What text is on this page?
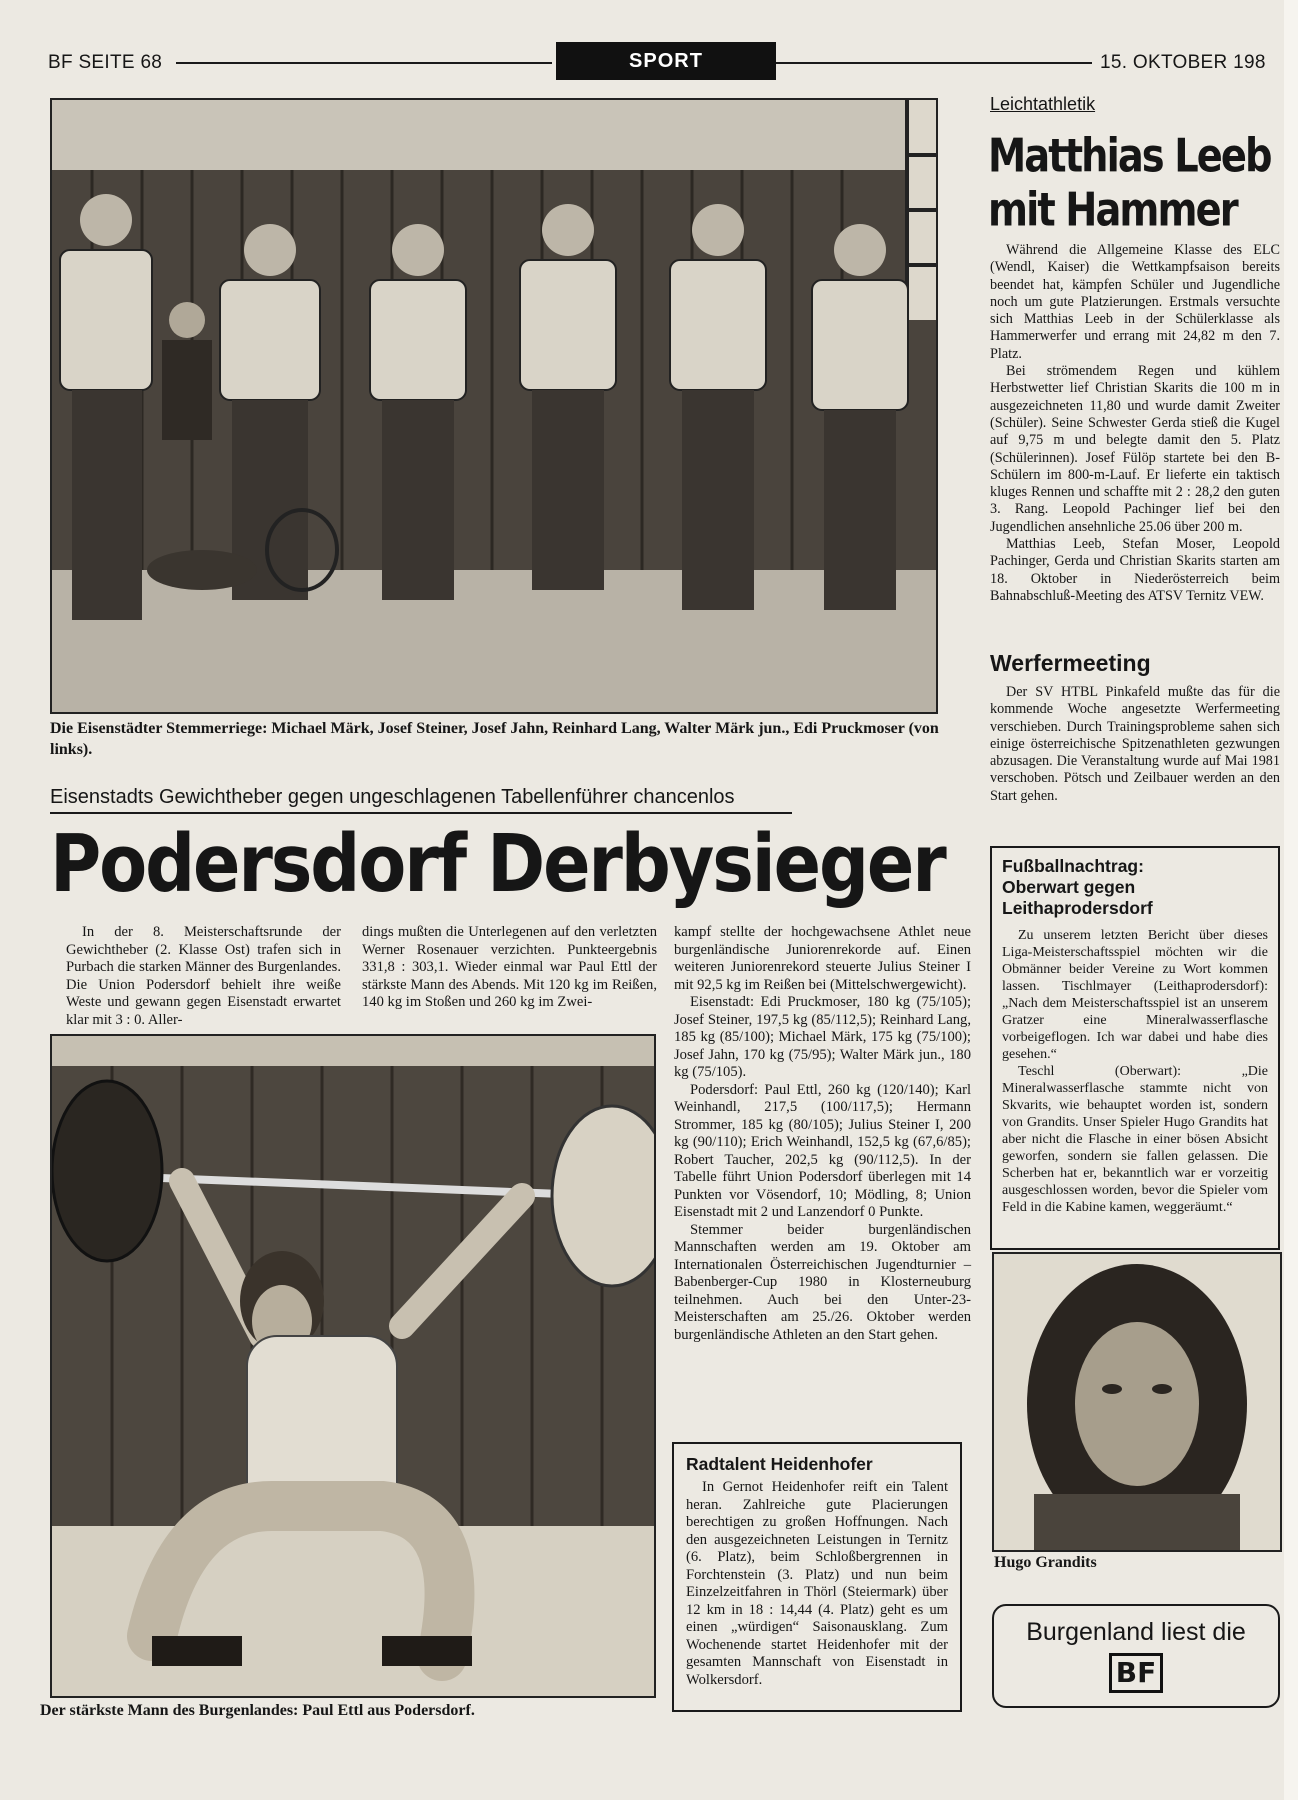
BF SEITE 68	SPORT	15. OKTOBER 198
Die Eisenstädter Stemmerriege: Michael Märk, Josef Steiner, Josef Jahn, Reinhard Lang, Walter Märk jun., Edi Pruckmoser (von links).
Eisenstadts Gewichtheber gegen ungeschlagenen Tabellenführer chancenlos
Podersdorf Derbysieger

In der 8. Meisterschaftsrunde der Gewichtheber (2. Klasse Ost) trafen sich in Purbach die starken Männer des Burgenlandes. Die Union Podersdorf behielt ihre weiße Weste und gewann gegen Eisenstadt erwartet klar mit 3 : 0. Aller-

dings mußten die Unterlegenen auf den verletzten Werner Rosenauer verzichten. Punkteergebnis 331,8 : 303,1. Wieder einmal war Paul Ettl der stärkste Mann des Abends. Mit 120 kg im Reißen, 140 kg im Stoßen und 260 kg im Zwei-

kampf stellte der hochgewachsene Athlet neue burgenländische Juniorenrekorde auf. Einen weiteren Juniorenrekord steuerte Julius Steiner I mit 92,5 kg im Reißen bei (Mittelschwergewicht).

Eisenstadt: Edi Pruckmoser, 180 kg (75/105); Josef Steiner, 197,5 kg (85/112,5); Reinhard Lang, 185 kg (85/100); Michael Märk, 175 kg (75/100); Josef Jahn, 170 kg (75/95); Walter Märk jun., 180 kg (75/105).

Podersdorf: Paul Ettl, 260 kg (120/140); Karl Weinhandl, 217,5 (100/117,5); Hermann Strommer, 185 kg (80/105); Julius Steiner I, 200 kg (90/110); Erich Weinhandl, 152,5 kg (67,6/85); Robert Taucher, 202,5 kg (90/112,5). In der Tabelle führt Union Podersdorf überlegen mit 14 Punkten vor Vösendorf, 10; Mödling, 8; Union Eisenstadt mit 2 und Lanzendorf 0 Punkte.

Stemmer beider burgenländischen Mannschaften werden am 19. Oktober am Internationalen Österreichischen Jugendturnier – Babenberger-Cup 1980 in Klosterneuburg teilnehmen. Auch bei den Unter-23-Meisterschaften am 25./26. Oktober werden burgenländische Athleten an den Start gehen.

Der stärkste Mann des Burgenlandes: Paul Ettl aus Podersdorf.
Radtalent Heidenhofer

In Gernot Heidenhofer reift ein Talent heran. Zahlreiche gute Placierungen berechtigen zu großen Hoffnungen. Nach den ausgezeichneten Leistungen in Ternitz (6. Platz), beim Schloßbergrennen in Forchtenstein (3. Platz) und nun beim Einzelzeitfahren in Thörl (Steiermark) über 12 km in 18 : 14,44 (4. Platz) geht es um einen „würdigen“ Saisonausklang. Zum Wochenende startet Heidenhofer mit der gesamten Mannschaft von Eisenstadt in Wolkersdorf.

Leichtathletik
Matthias Leeb
mit Hammer

Während die Allgemeine Klasse des ELC (Wendl, Kaiser) die Wettkampfsaison bereits beendet hat, kämpfen Schüler und Jugendliche noch um gute Platzierungen. Erstmals versuchte sich Matthias Leeb in der Schülerklasse als Hammerwerfer und errang mit 24,82 m den 7. Platz.

Bei strömendem Regen und kühlem Herbstwetter lief Christian Skarits die 100 m in ausgezeichneten 11,80 und wurde damit Zweiter (Schüler). Seine Schwester Gerda stieß die Kugel auf 9,75 m und belegte damit den 5. Platz (Schülerinnen). Josef Fülöp startete bei den B-Schülern im 800-m-Lauf. Er lieferte ein taktisch kluges Rennen und schaffte mit 2 : 28,2 den guten 3. Rang. Leopold Pachinger lief bei den Jugendlichen ansehnliche 25.06 über 200 m.

Matthias Leeb, Stefan Moser, Leopold Pachinger, Gerda und Christian Skarits starten am 18. Oktober in Niederösterreich beim Bahnabschluß-Meeting des ATSV Ternitz VEW.

Werfermeeting

Der SV HTBL Pinkafeld mußte das für die kommende Woche angesetzte Werfermeeting verschieben. Durch Trainingsprobleme sahen sich einige österreichische Spitzenathleten gezwungen abzusagen. Die Veranstaltung wurde auf Mai 1981 verschoben. Pötsch und Zeilbauer werden an den Start gehen.

Fußballnachtrag: Oberwart gegen Leithaprodersdorf

Zu unserem letzten Bericht über dieses Liga-Meisterschaftsspiel möchten wir die Obmänner beider Vereine zu Wort kommen lassen. Tischlmayer (Leithaprodersdorf): „Nach dem Meisterschaftsspiel ist an unserem Gratzer eine Mineralwasserflasche vorbeigeflogen. Ich war dabei und habe dies gesehen.“

Teschl (Oberwart): „Die Mineralwasserflasche stammte nicht von Skvarits, wie behauptet worden ist, sondern von Grandits. Unser Spieler Hugo Grandits hat aber nicht die Flasche in einer bösen Absicht geworfen, sondern sie fallen gelassen. Die Scherben hat er, bekanntlich war er vorzeitig ausgeschlossen worden, bevor die Spieler vom Feld in die Kabine kamen, weggeräumt.“

Hugo Grandits
Burgenland liest die
BF
